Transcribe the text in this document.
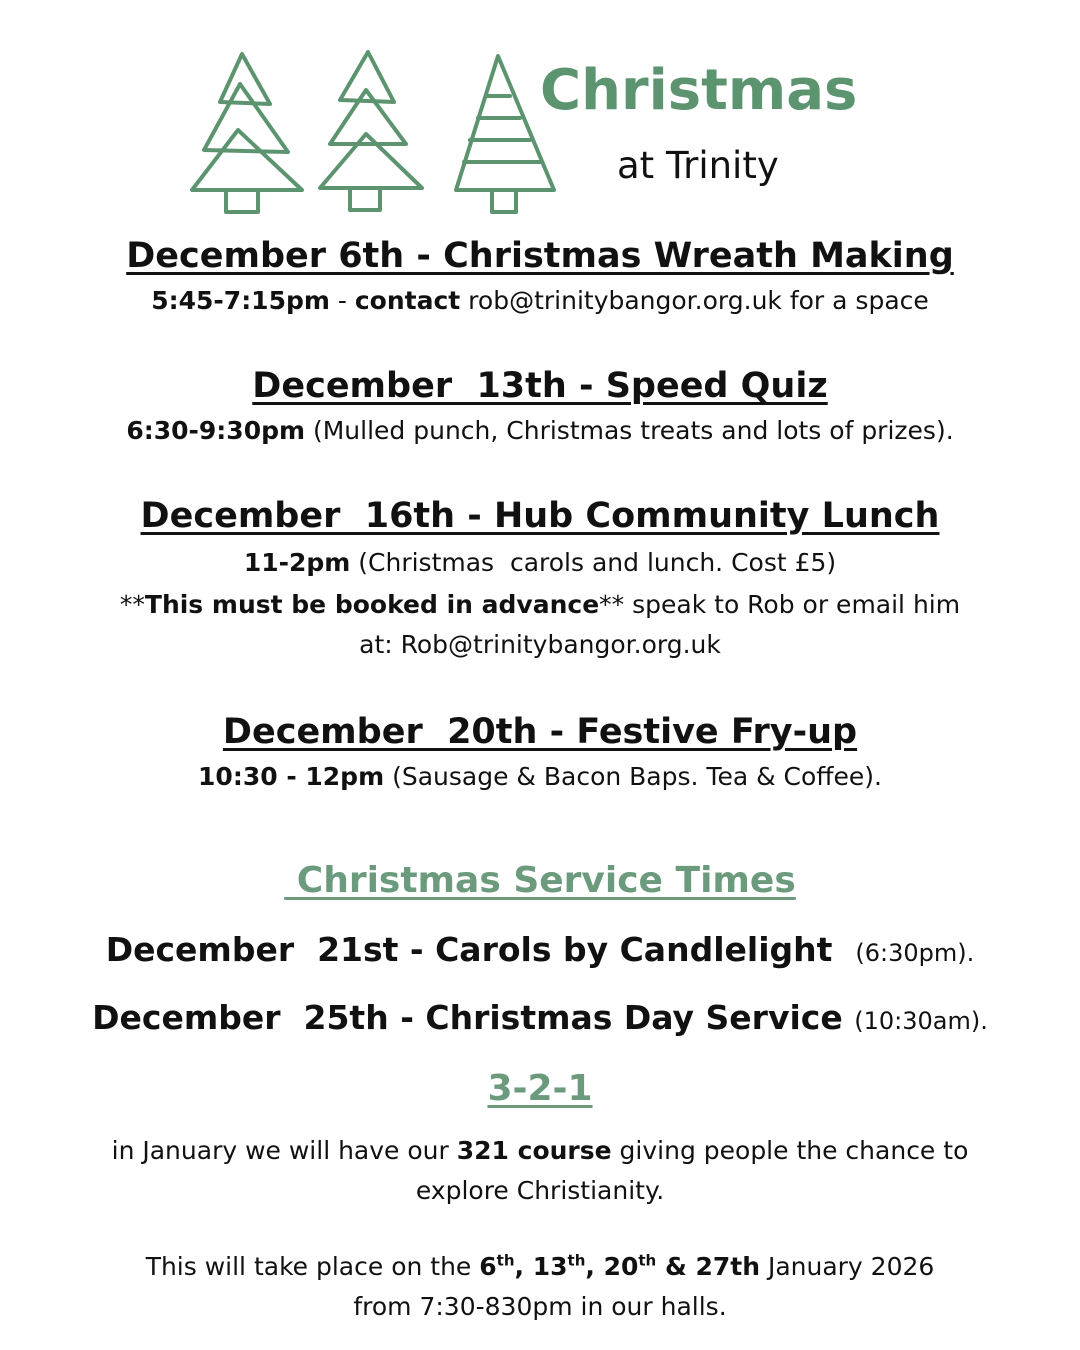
Christmas
at Trinity
December 6th - Christmas Wreath Making
5:45-7:15pm - contact rob@trinitybangor.org.uk for a space
December  13th - Speed Quiz
6:30-9:30pm (Mulled punch, Christmas treats and lots of prizes).
December  16th - Hub Community Lunch
11-2pm (Christmas  carols and lunch. Cost £5)
**This must be booked in advance** speak to Rob or email him
at: Rob@trinitybangor.org.uk
December  20th - Festive Fry-up
10:30 - 12pm (Sausage & Bacon Baps. Tea & Coffee).
Christmas Service Times
December  21st - Carols by Candlelight (6:30pm).
December  25th - Christmas Day Service (10:30am).
3-2-1
in January we will have our 321 course giving people the chance to
explore Christianity.
This will take place on the 6th, 13th, 20th & 27th January 2026
from 7:30-830pm in our halls.
